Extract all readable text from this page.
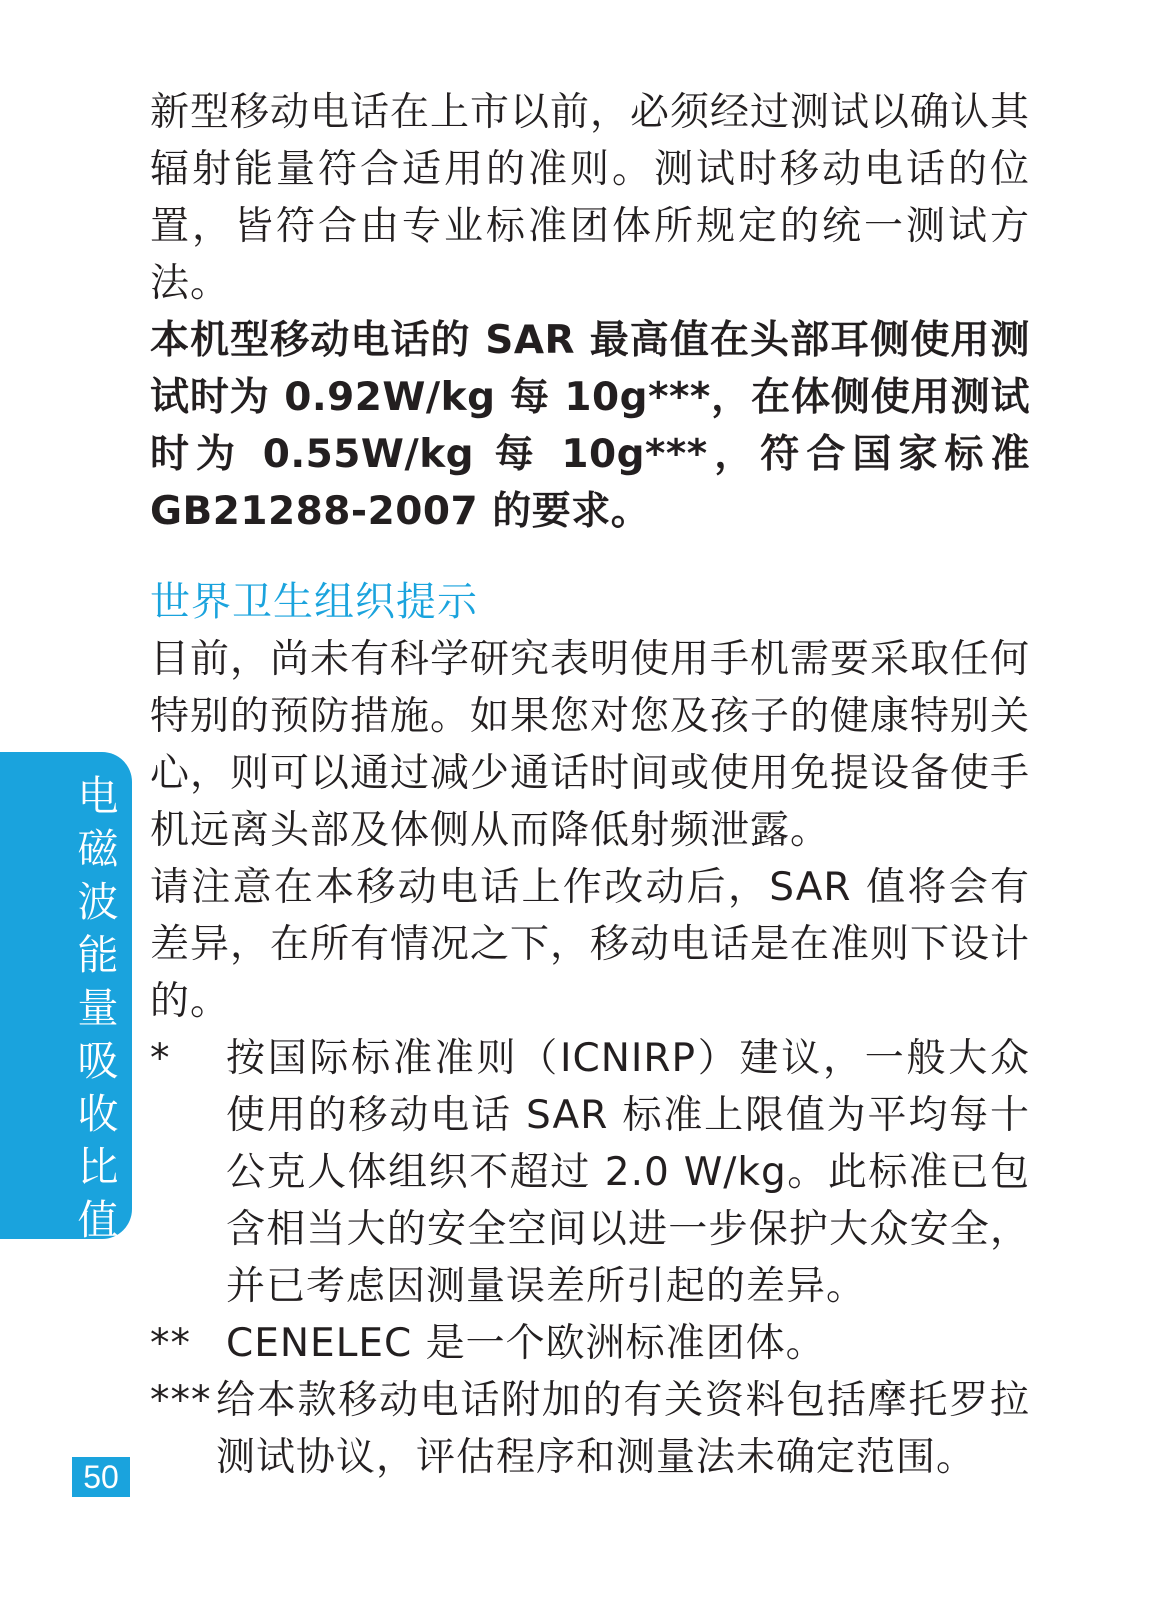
新型移动电话在上市以前，必须经过测试以确认其辐射能量符合适用的准则。测试时移动电话的位置，皆符合由专业标准团体所规定的统一测试方法。

本机型移动电话的 SAR 最高值在头部耳侧使用测试时为 0.92W/kg 每 10g***，在体侧使用测试时为 0.55W/kg 每 10g***，符合国家标准 GB21288-2007 的要求。

世界卫生组织提示

目前，尚未有科学研究表明使用手机需要采取任何特别的预防措施。如果您对您及孩子的健康特别关心，则可以通过减少通话时间或使用免提设备使手机远离头部及体侧从而降低射频泄露。

请注意在本移动电话上作改动后，SAR 值将会有差异，在所有情况之下，移动电话是在准则下设计的。

*	按国际标准准则（ICNIRP）建议，一般大众使用的移动电话 SAR 标准上限值为平均每十公克人体组织不超过 2.0 W/kg。此标准已包含相当大的安全空间以进一步保护大众安全，并已考虑因测量误差所引起的差异。

** CENELEC 是一个欧洲标准团体。

*** 给本款移动电话附加的有关资料包括摩托罗拉测试协议，评估程序和测量法未确定范围。

电磁波能量吸收比值
50
